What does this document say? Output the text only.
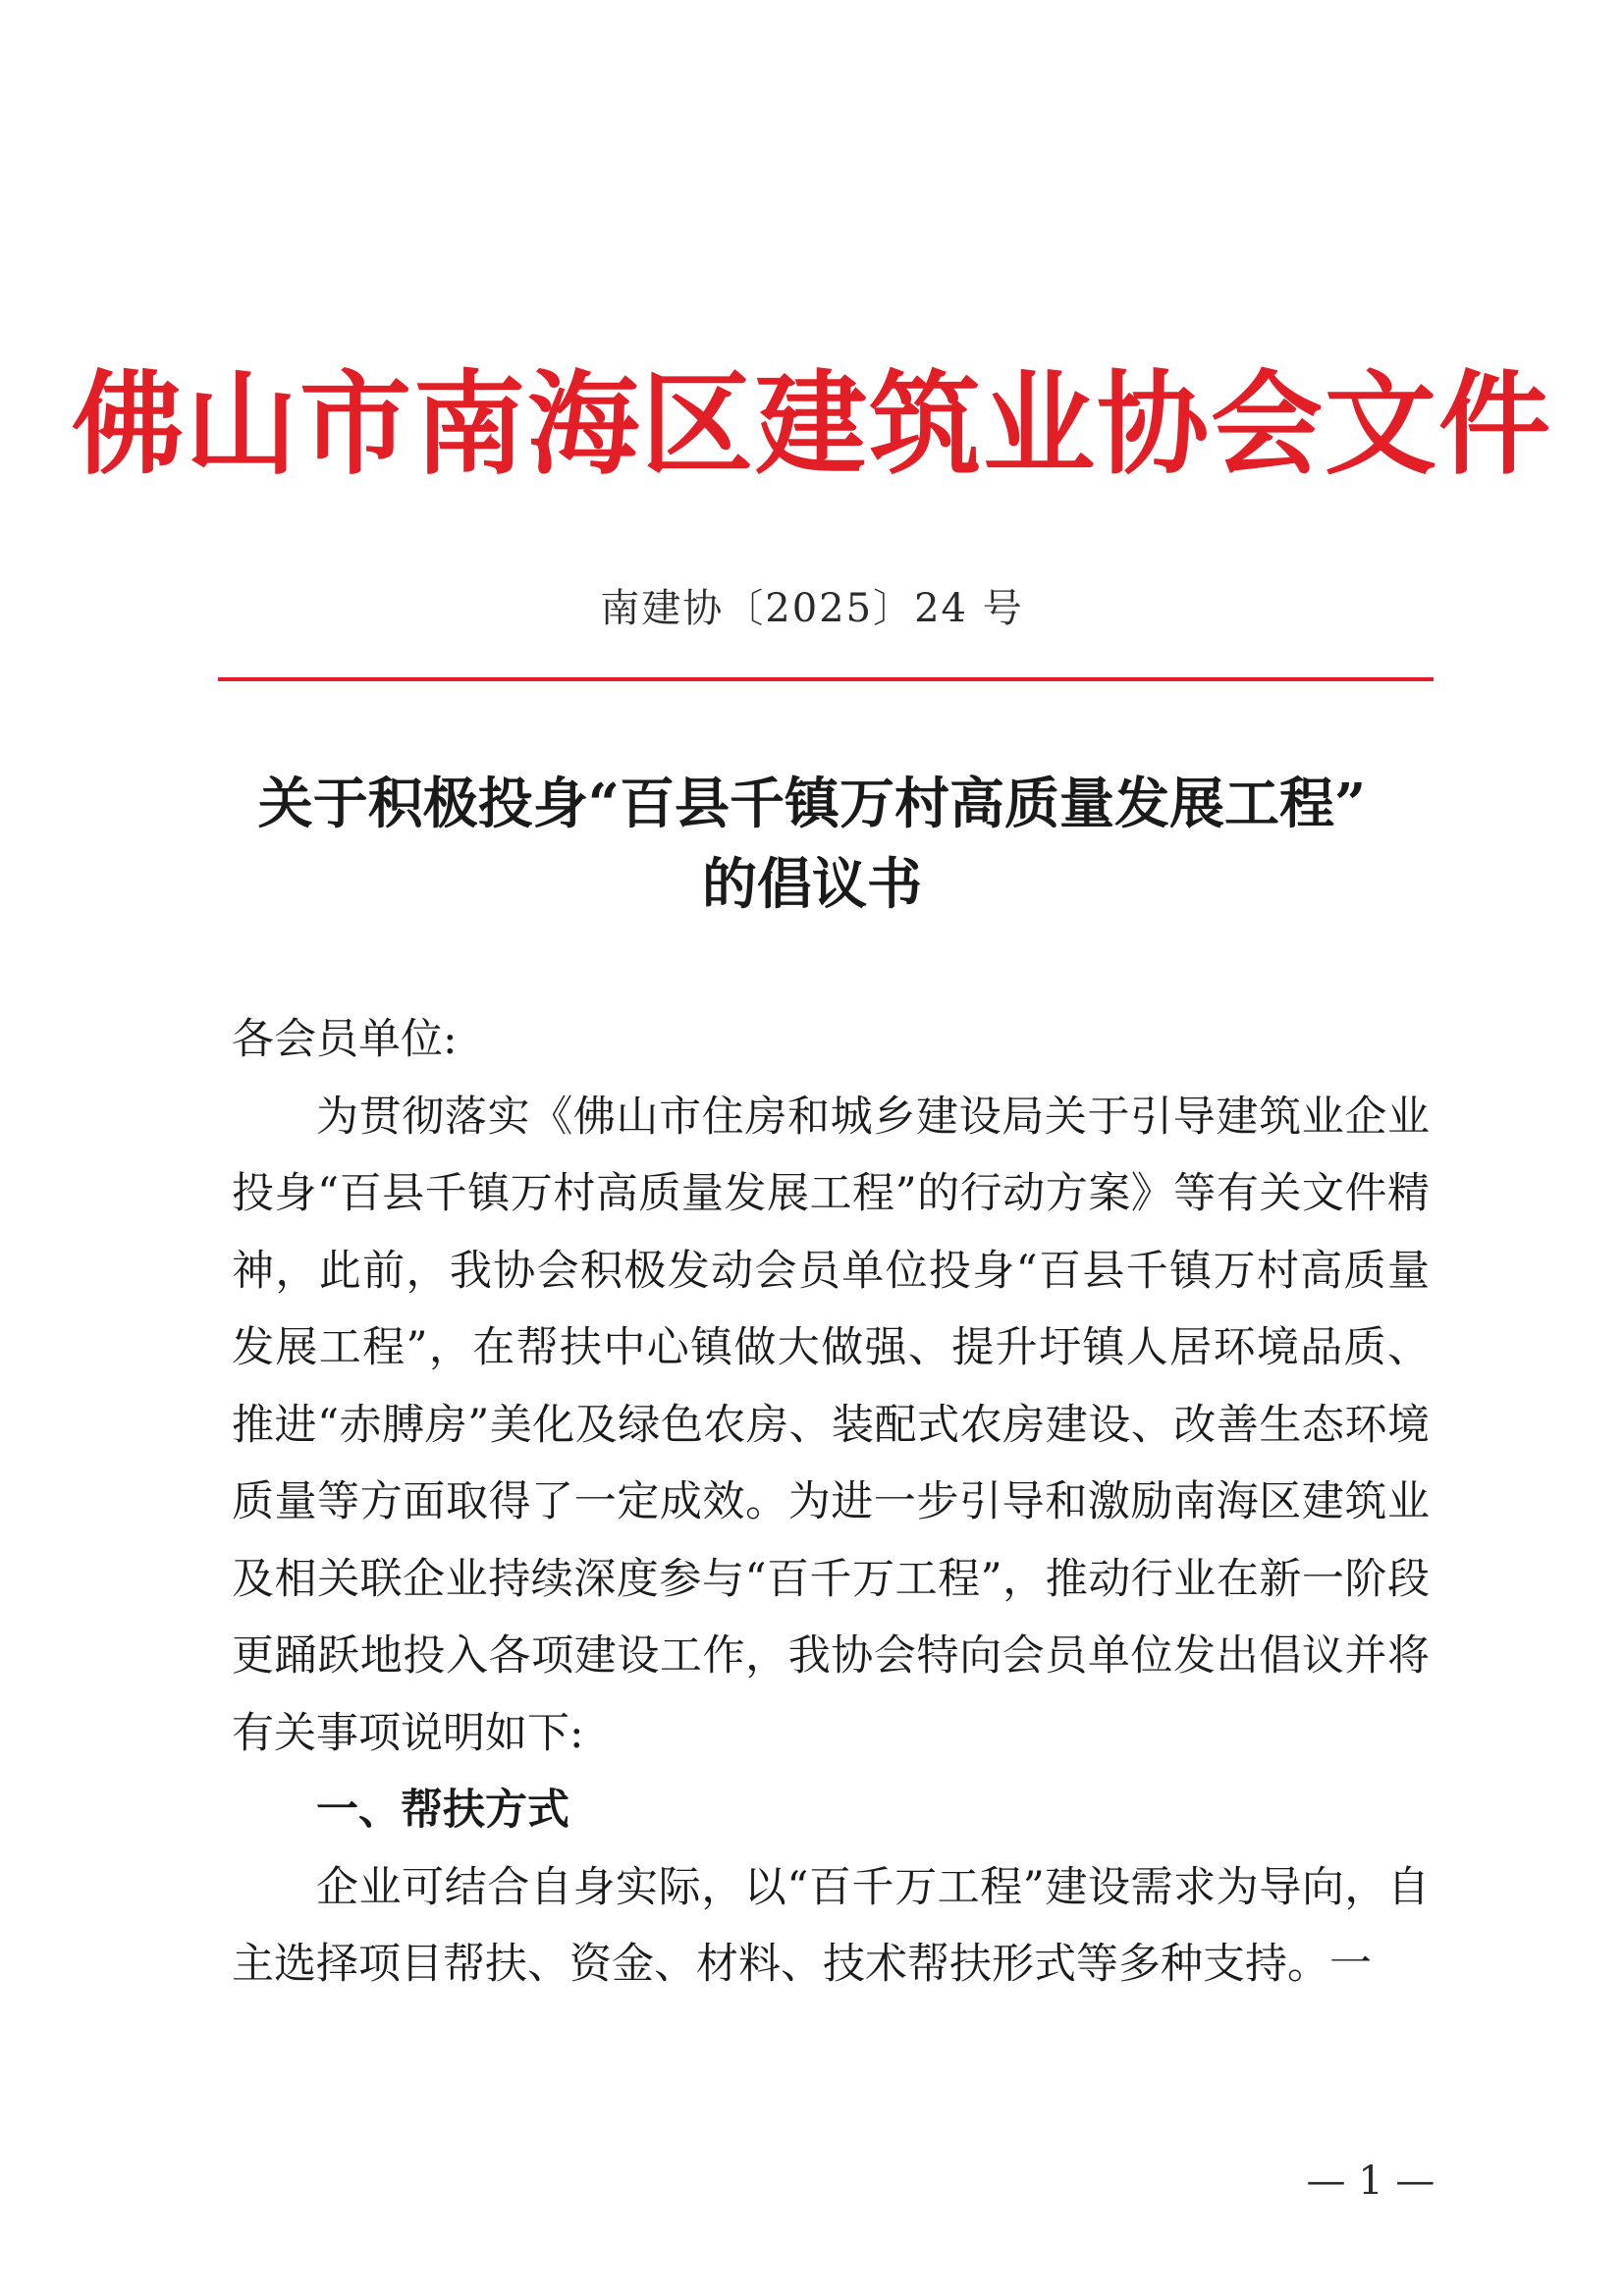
佛山市南海区建筑业协会文件
南建协〔2025〕24 号
关于积极投身“百县千镇万村高质量发展工程”
的倡议书

各会员单位:

为贯彻落实《佛山市住房和城乡建设局关于引导建筑业企业投身“百县千镇万村高质量发展工程”的行动方案》等有关文件精神，此前，我协会积极发动会员单位投身“百县千镇万村高质量发展工程”，在帮扶中心镇做大做强、提升圩镇人居环境品质、推进“赤膊房”美化及绿色农房、装配式农房建设、改善生态环境质量等方面取得了一定成效。为进一步引导和激励南海区建筑业及相关联企业持续深度参与“百千万工程”，推动行业在新一阶段更踊跃地投入各项建设工作，我协会特向会员单位发出倡议并将有关事项说明如下:

一、帮扶方式

企业可结合自身实际，以“百千万工程”建设需求为导向，自主选择项目帮扶、资金、材料、技术帮扶形式等多种支持。一

— 1 —
